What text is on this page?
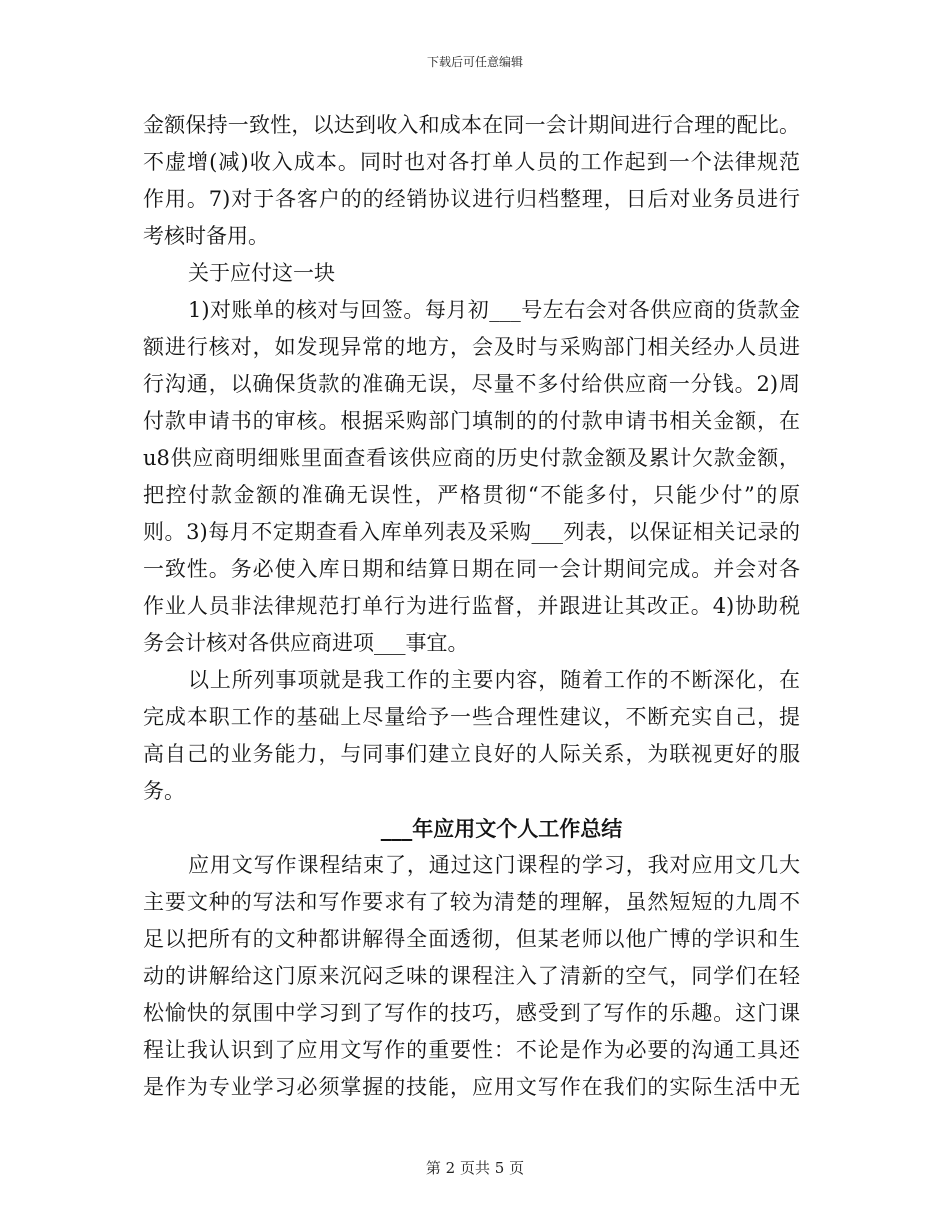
下载后可任意编辑
金额保持一致性，以达到收入和成本在同一会计期间进行合理的配比。
不虚增(减)收入成本。同时也对各打单人员的工作起到一个法律规范
作用。7)对于各客户的的经销协议进行归档整理，日后对业务员进行
考核时备用。
关于应付这一块
1)对账单的核对与回签。每月初___号左右会对各供应商的货款金
额进行核对，如发现异常的地方，会及时与采购部门相关经办人员进
行沟通，以确保货款的准确无误，尽量不多付给供应商一分钱。2)周
付款申请书的审核。根据采购部门填制的的付款申请书相关金额，在
u8供应商明细账里面查看该供应商的历史付款金额及累计欠款金额，
把控付款金额的准确无误性，严格贯彻“不能多付，只能少付”的原
则。3)每月不定期查看入库单列表及采购___列表，以保证相关记录的
一致性。务必使入库日期和结算日期在同一会计期间完成。并会对各
作业人员非法律规范打单行为进行监督，并跟进让其改正。4)协助税
务会计核对各供应商进项___事宜。
以上所列事项就是我工作的主要内容，随着工作的不断深化，在
完成本职工作的基础上尽量给予一些合理性建议，不断充实自己，提
高自己的业务能力，与同事们建立良好的人际关系，为联视更好的服
务。
___年应用文个人工作总结
应用文写作课程结束了，通过这门课程的学习，我对应用文几大
主要文种的写法和写作要求有了较为清楚的理解，虽然短短的九周不
足以把所有的文种都讲解得全面透彻，但某老师以他广博的学识和生
动的讲解给这门原来沉闷乏味的课程注入了清新的空气，同学们在轻
松愉快的氛围中学习到了写作的技巧，感受到了写作的乐趣。这门课
程让我认识到了应用文写作的重要性：不论是作为必要的沟通工具还
是作为专业学习必须掌握的技能，应用文写作在我们的实际生活中无
第 2 页共 5 页
